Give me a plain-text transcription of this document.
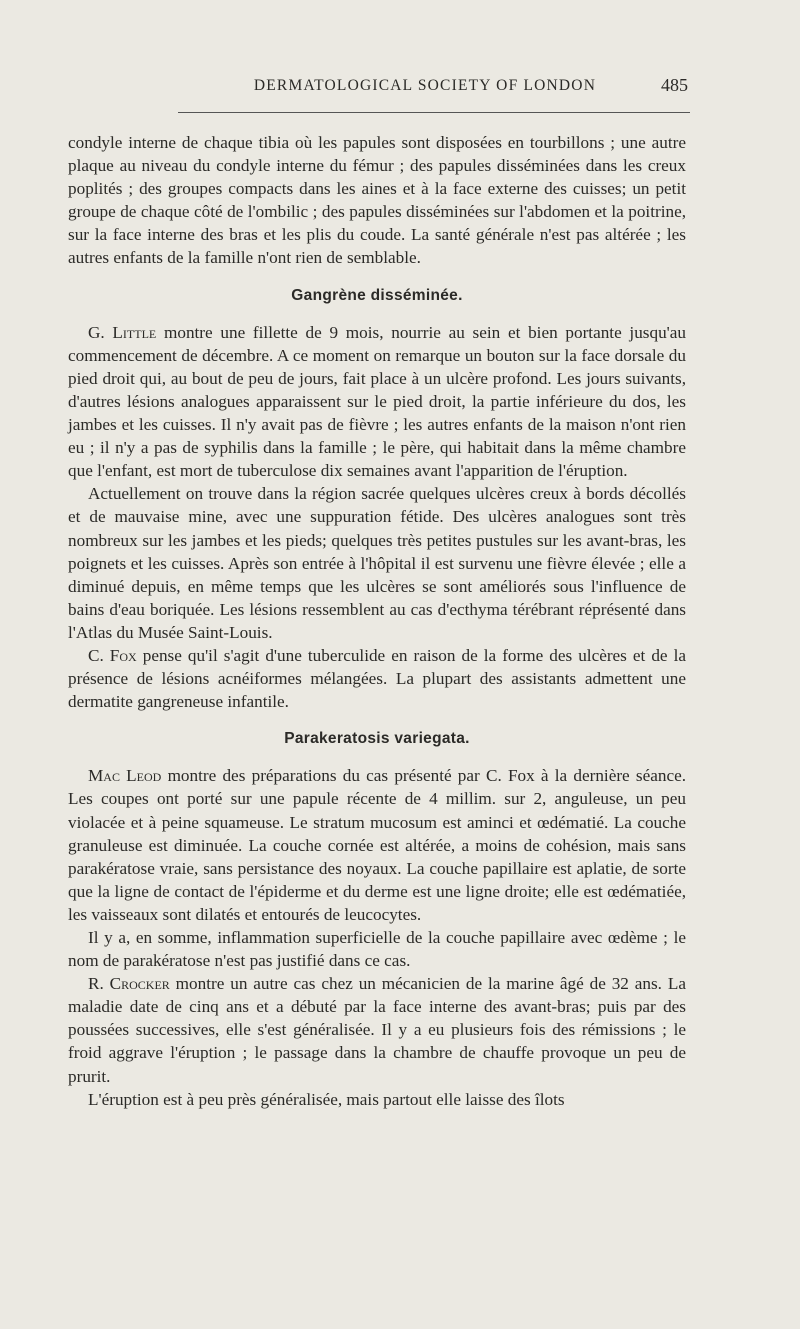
DERMATOLOGICAL SOCIETY OF LONDON	485

condyle interne de chaque tibia où les papules sont disposées en tourbillons ; une autre plaque au niveau du condyle interne du fémur ; des papules disséminées dans les creux poplités ; des groupes compacts dans les aines et à la face externe des cuisses; un petit groupe de chaque côté de l'ombilic ; des papules disséminées sur l'abdomen et la poitrine, sur la face interne des bras et les plis du coude. La santé générale n'est pas altérée ; les autres enfants de la famille n'ont rien de semblable.

Gangrène disséminée.

G. Little montre une fillette de 9 mois, nourrie au sein et bien portante jusqu'au commencement de décembre. A ce moment on remarque un bouton sur la face dorsale du pied droit qui, au bout de peu de jours, fait place à un ulcère profond. Les jours suivants, d'autres lésions analogues apparaissent sur le pied droit, la partie inférieure du dos, les jambes et les cuisses. Il n'y avait pas de fièvre ; les autres enfants de la maison n'ont rien eu ; il n'y a pas de syphilis dans la famille ; le père, qui habitait dans la même chambre que l'enfant, est mort de tuberculose dix semaines avant l'apparition de l'éruption.

Actuellement on trouve dans la région sacrée quelques ulcères creux à bords décollés et de mauvaise mine, avec une suppuration fétide. Des ulcères analogues sont très nombreux sur les jambes et les pieds; quelques très petites pustules sur les avant-bras, les poignets et les cuisses. Après son entrée à l'hôpital il est survenu une fièvre élevée ; elle a diminué depuis, en même temps que les ulcères se sont améliorés sous l'influence de bains d'eau boriquée. Les lésions ressemblent au cas d'ecthyma térébrant réprésenté dans l'Atlas du Musée Saint-Louis.

C. Fox pense qu'il s'agit d'une tuberculide en raison de la forme des ulcères et de la présence de lésions acnéiformes mélangées. La plupart des assistants admettent une dermatite gangreneuse infantile.

Parakeratosis variegata.

Mac Leod montre des préparations du cas présenté par C. Fox à la dernière séance. Les coupes ont porté sur une papule récente de 4 millim. sur 2, anguleuse, un peu violacée et à peine squameuse. Le stratum mucosum est aminci et œdématié. La couche granuleuse est diminuée. La couche cornée est altérée, a moins de cohésion, mais sans parakératose vraie, sans persistance des noyaux. La couche papillaire est aplatie, de sorte que la ligne de contact de l'épiderme et du derme est une ligne droite; elle est œdématiée, les vaisseaux sont dilatés et entourés de leucocytes.

Il y a, en somme, inflammation superficielle de la couche papillaire avec œdème ; le nom de parakératose n'est pas justifié dans ce cas.

R. Crocker montre un autre cas chez un mécanicien de la marine âgé de 32 ans. La maladie date de cinq ans et a débuté par la face interne des avant-bras; puis par des poussées successives, elle s'est généralisée. Il y a eu plusieurs fois des rémissions ; le froid aggrave l'éruption ; le passage dans la chambre de chauffe provoque un peu de prurit.

L'éruption est à peu près généralisée, mais partout elle laisse des îlots
